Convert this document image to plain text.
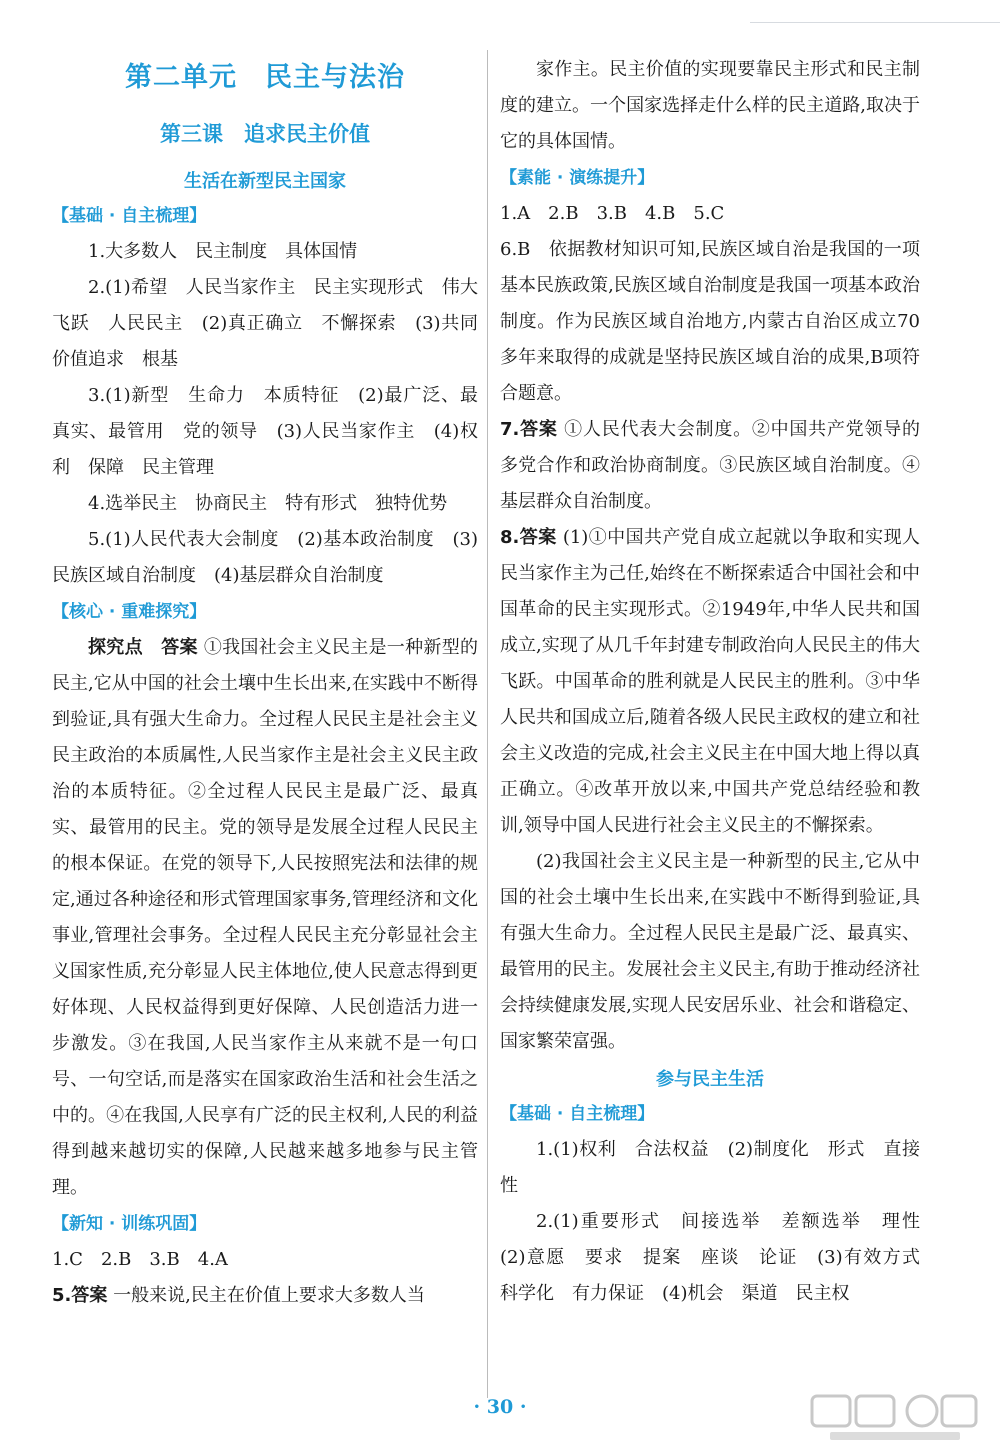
第二单元　民主与法治
第三课　追求民主价值
生活在新型民主国家
【基础 · 自主梳理】

1.大多数人　民主制度　具体国情

2.(1)希望　人民当家作主　民主实现形式　伟大飞跃　人民民主　(2)真正确立　不懈探索　(3)共同价值追求　根基

3.(1)新型　生命力　本质特征　(2)最广泛、最真实、最管用　党的领导　(3)人民当家作主　(4)权利　保障　民主管理

4.选举民主　协商民主　特有形式　独特优势

5.(1)人民代表大会制度　(2)基本政治制度　(3)民族区域自治制度　(4)基层群众自治制度

【核心 · 重难探究】

探究点　答案 ①我国社会主义民主是一种新型的民主,它从中国的社会土壤中生长出来,在实践中不断得到验证,具有强大生命力。全过程人民民主是社会主义民主政治的本质属性,人民当家作主是社会主义民主政治的本质特征。②全过程人民民主是最广泛、最真实、最管用的民主。党的领导是发展全过程人民民主的根本保证。在党的领导下,人民按照宪法和法律的规定,通过各种途径和形式管理国家事务,管理经济和文化事业,管理社会事务。全过程人民民主充分彰显社会主义国家性质,充分彰显人民主体地位,使人民意志得到更好体现、人民权益得到更好保障、人民创造活力进一步激发。③在我国,人民当家作主从来就不是一句口号、一句空话,而是落实在国家政治生活和社会生活之中的。④在我国,人民享有广泛的民主权利,人民的利益得到越来越切实的保障,人民越来越多地参与民主管理。

【新知 · 训练巩固】

1.C　2.B　3.B　4.A

5.答案 一般来说,民主在价值上要求大多数人当

家作主。民主价值的实现要靠民主形式和民主制度的建立。一个国家选择走什么样的民主道路,取决于它的具体国情。

【素能 · 演练提升】

1.A　2.B　3.B　4.B　5.C

6.B　依据教材知识可知,民族区域自治是我国的一项基本民族政策,民族区域自治制度是我国一项基本政治制度。作为民族区域自治地方,内蒙古自治区成立70多年来取得的成就是坚持民族区域自治的成果,B项符合题意。

7.答案 ①人民代表大会制度。②中国共产党领导的多党合作和政治协商制度。③民族区域自治制度。④基层群众自治制度。

8.答案 (1)①中国共产党自成立起就以争取和实现人民当家作主为己任,始终在不断探索适合中国社会和中国革命的民主实现形式。②1949年,中华人民共和国成立,实现了从几千年封建专制政治向人民民主的伟大飞跃。中国革命的胜利就是人民民主的胜利。③中华人民共和国成立后,随着各级人民民主政权的建立和社会主义改造的完成,社会主义民主在中国大地上得以真正确立。④改革开放以来,中国共产党总结经验和教训,领导中国人民进行社会主义民主的不懈探索。

(2)我国社会主义民主是一种新型的民主,它从中国的社会土壤中生长出来,在实践中不断得到验证,具有强大生命力。全过程人民民主是最广泛、最真实、最管用的民主。发展社会主义民主,有助于推动经济社会持续健康发展,实现人民安居乐业、社会和谐稳定、国家繁荣富强。

参与民主生活
【基础 · 自主梳理】

1.(1)权利　合法权益　(2)制度化　形式　直接性

2.(1)重要形式　间接选举　差额选举　理性　(2)意愿　要求　提案　座谈　论证　(3)有效方式　科学化　有力保证　(4)机会　渠道　民主权

· 30 ·
